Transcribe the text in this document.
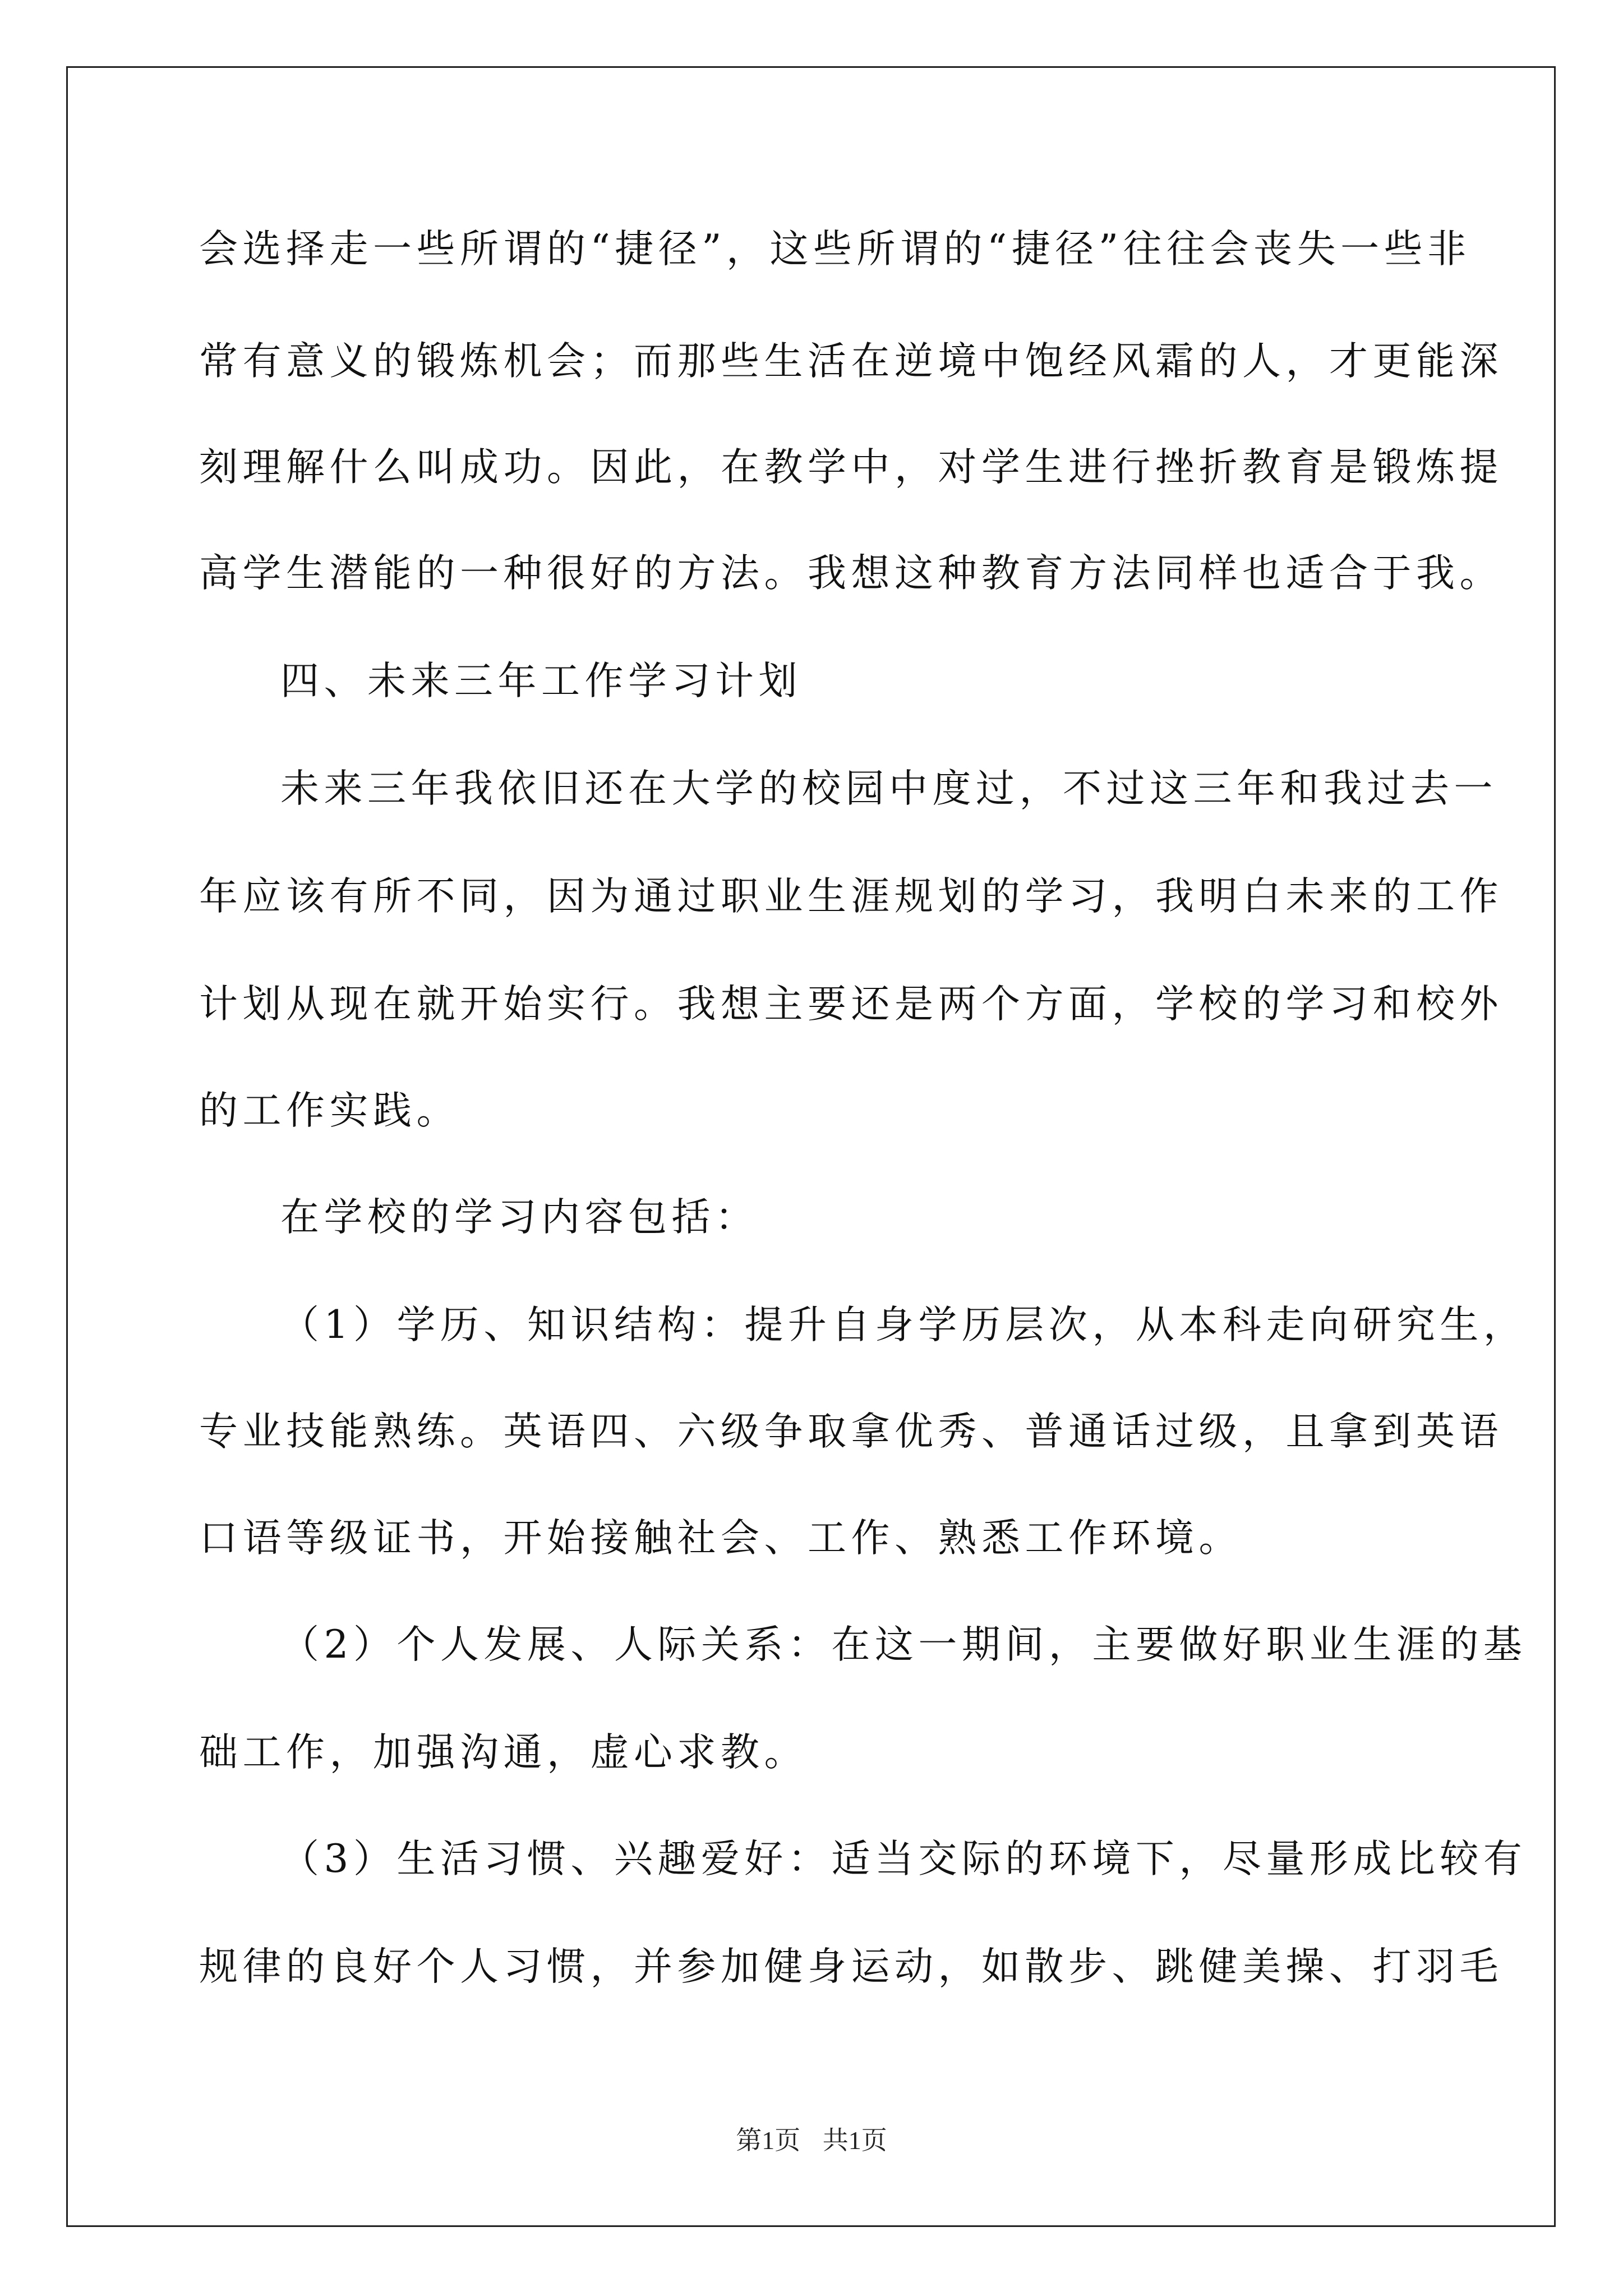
会选择走一些所谓的“捷径”，这些所谓的“捷径”往往会丧失一些非
常有意义的锻炼机会；而那些生活在逆境中饱经风霜的人，才更能深
刻理解什么叫成功。因此，在教学中，对学生进行挫折教育是锻炼提
高学生潜能的一种很好的方法。我想这种教育方法同样也适合于我。
四、未来三年工作学习计划
未来三年我依旧还在大学的校园中度过，不过这三年和我过去一
年应该有所不同，因为通过职业生涯规划的学习，我明白未来的工作
计划从现在就开始实行。我想主要还是两个方面，学校的学习和校外
的工作实践。
在学校的学习内容包括：
（1）学历、知识结构：提升自身学历层次，从本科走向研究生，
专业技能熟练。英语四、六级争取拿优秀、普通话过级，且拿到英语
口语等级证书，开始接触社会、工作、熟悉工作环境。
（2）个人发展、人际关系：在这一期间，主要做好职业生涯的基
础工作，加强沟通，虚心求教。
（3）生活习惯、兴趣爱好：适当交际的环境下，尽量形成比较有
规律的良好个人习惯，并参加健身运动，如散步、跳健美操、打羽毛
第1页 共1页
